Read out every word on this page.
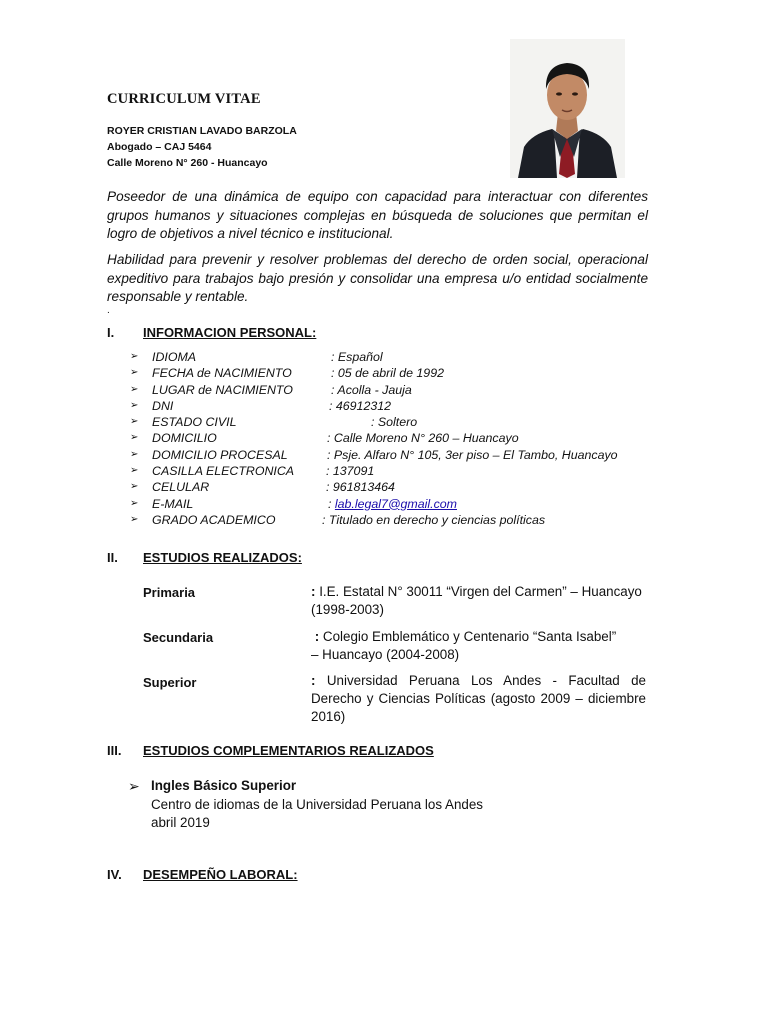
CURRICULUM VITAE
ROYER CRISTIAN LAVADO BARZOLA
Abogado – CAJ 5464
Calle Moreno N° 260 - Huancayo

Poseedor de una dinámica de equipo con capacidad para interactuar con diferentes grupos humanos y situaciones complejas en búsqueda de soluciones que permitan el logro de objetivos a nivel técnico e institucional.

Habilidad para prevenir y resolver problemas del derecho de orden social, operacional expeditivo para trabajos bajo presión y consolidar una empresa u/o entidad socialmente responsable y rentable.

.
I. INFORMACION PERSONAL:
➢ IDIOMA	: Español
➢ FECHA de NACIMIENTO	: 05 de abril de 1992
➢ LUGAR de NACIMIENTO	: Acolla - Jauja
➢ DNI	: 46912312
➢ ESTADO CIVIL	: Soltero
➢ DOMICILIO	: Calle Moreno N° 260 – Huancayo
➢ DOMICILIO PROCESAL	: Psje. Alfaro N° 105, 3er piso – El Tambo, Huancayo
➢ CASILLA ELECTRONICA	: 137091
➢ CELULAR	: 961813464
➢ E-MAIL	: lab.legal7@gmail.com
➢ GRADO ACADEMICO	: Titulado en derecho y ciencias políticas
II. ESTUDIOS REALIZADOS:
Primaria	: I.E. Estatal N° 30011 “Virgen del Carmen” – Huancayo
(1998-2003)
Secundaria	: Colegio Emblemático y Centenario “Santa Isabel”
– Huancayo (2004-2008)
Superior	: Universidad Peruana Los Andes - Facultad de Derecho y Ciencias Políticas (agosto 2009 – diciembre 2016)
III. ESTUDIOS COMPLEMENTARIOS REALIZADOS
➢ Ingles Básico Superior
Centro de idiomas de la Universidad Peruana los Andes
abril 2019
IV. DESEMPEÑO LABORAL:
